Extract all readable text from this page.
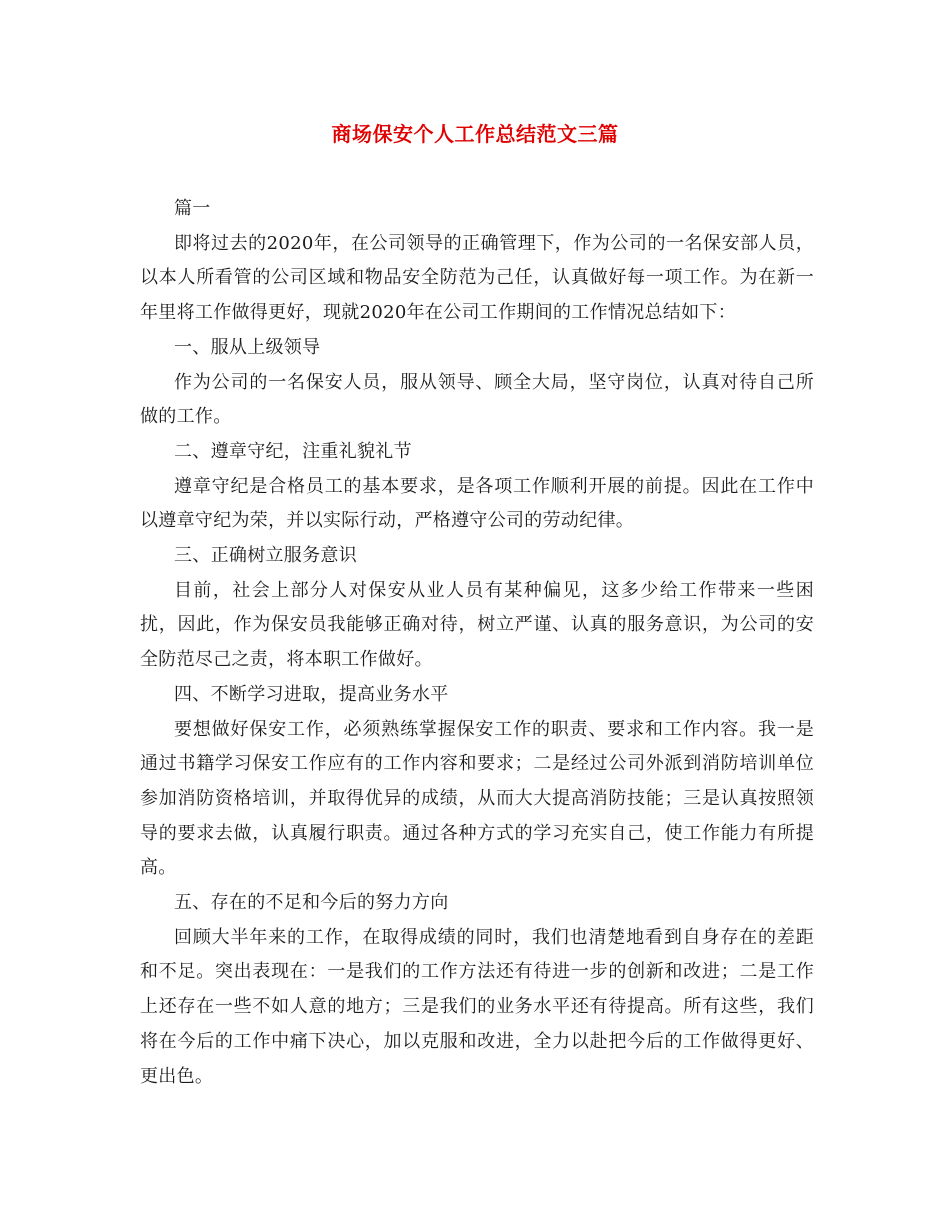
商场保安个人工作总结范文三篇

篇一

即将过去的2020年，在公司领导的正确管理下，作为公司的一名保安部人员，以本人所看管的公司区域和物品安全防范为己任，认真做好每一项工作。为在新一年里将工作做得更好，现就2020年在公司工作期间的工作情况总结如下：

一、服从上级领导

作为公司的一名保安人员，服从领导、顾全大局，坚守岗位，认真对待自己所做的工作。

二、遵章守纪，注重礼貌礼节

遵章守纪是合格员工的基本要求，是各项工作顺利开展的前提。因此在工作中以遵章守纪为荣，并以实际行动，严格遵守公司的劳动纪律。

三、正确树立服务意识

目前，社会上部分人对保安从业人员有某种偏见，这多少给工作带来一些困扰，因此，作为保安员我能够正确对待，树立严谨、认真的服务意识，为公司的安全防范尽己之责，将本职工作做好。

四、不断学习进取，提高业务水平

要想做好保安工作，必须熟练掌握保安工作的职责、要求和工作内容。我一是通过书籍学习保安工作应有的工作内容和要求；二是经过公司外派到消防培训单位参加消防资格培训，并取得优异的成绩，从而大大提高消防技能；三是认真按照领导的要求去做，认真履行职责。通过各种方式的学习充实自己，使工作能力有所提高。

五、存在的不足和今后的努力方向

回顾大半年来的工作，在取得成绩的同时，我们也清楚地看到自身存在的差距和不足。突出表现在：一是我们的工作方法还有待进一步的创新和改进；二是工作上还存在一些不如人意的地方；三是我们的业务水平还有待提高。所有这些，我们将在今后的工作中痛下决心，加以克服和改进，全力以赴把今后的工作做得更好、更出色。
